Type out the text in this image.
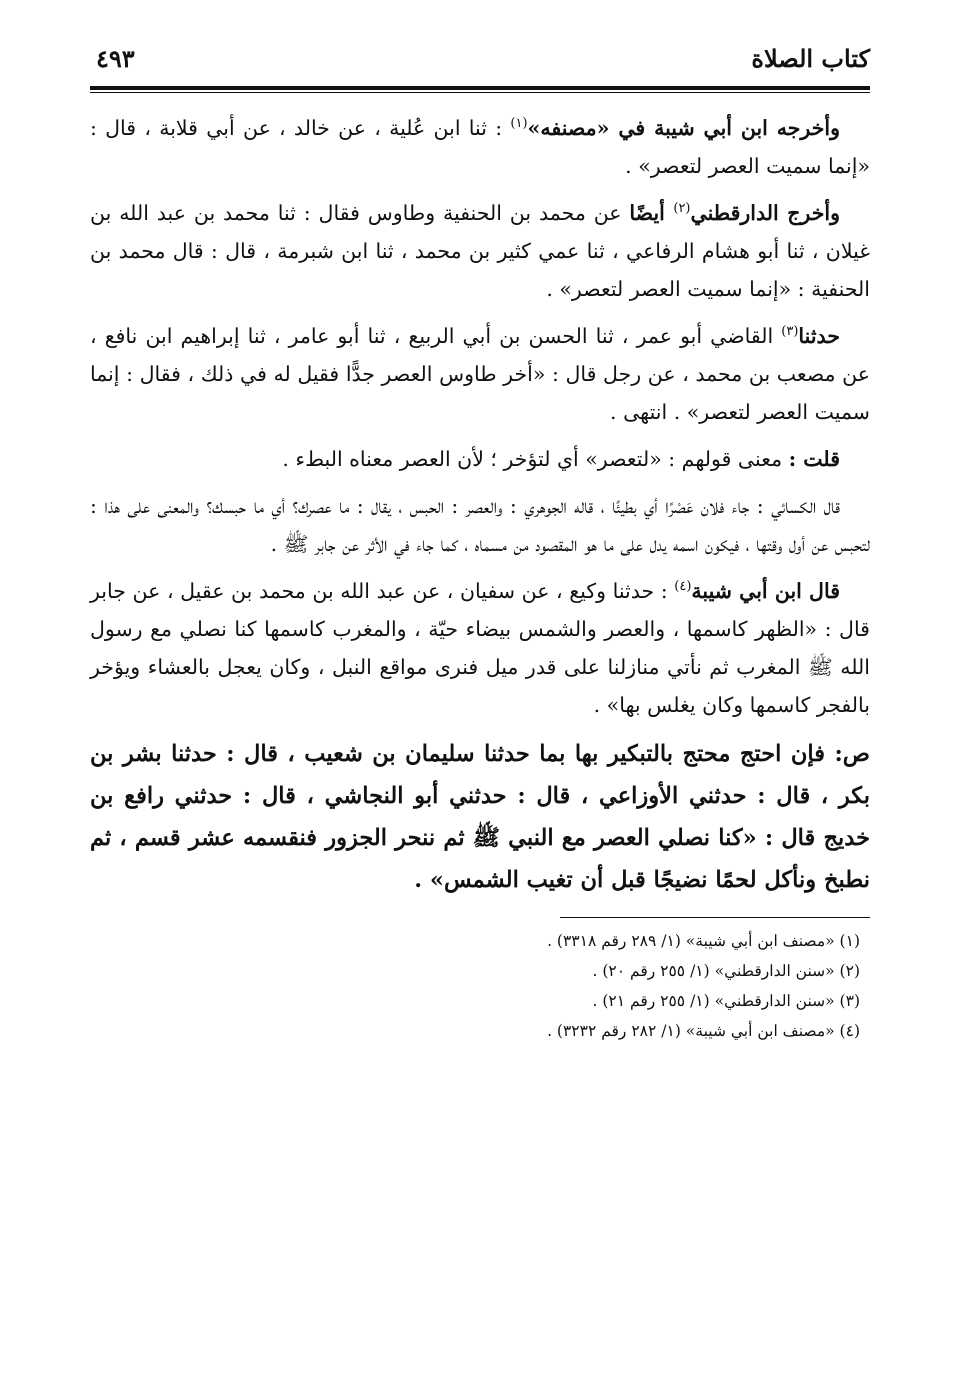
كتاب الصلاة
٤٩٣

وأخرجه ابن أبي شيبة في «مصنفه»$^{(١)}$ : ثنا ابن عُلية ، عن خالد ، عن أبي قلابة ، قال : «إنما سميت العصر لتعصر» .

وأخرج الدارقطني$^{(٢)}$ أيضًا عن محمد بن الحنفية وطاوس فقال : ثنا محمد بن عبد الله بن غيلان ، ثنا أبو هشام الرفاعي ، ثنا عمي كثير بن محمد ، ثنا ابن شبرمة ، قال : قال محمد بن الحنفية : «إنما سميت العصر لتعصر» .

حدثنا$^{(٣)}$ القاضي أبو عمر ، ثنا الحسن بن أبي الربيع ، ثنا أبو عامر ، ثنا إبراهيم ابن نافع ، عن مصعب بن محمد ، عن رجل قال : «أخر طاوس العصر جدًّا فقيل له في ذلك ، فقال : إنما سميت العصر لتعصر» . انتهى .

قلت : معنى قولهم : «لتعصر» أي لتؤخر ؛ لأن العصر معناه البطء .

قال الكسائي : جاء فلان عَصْرًا أي بطيئًا ، قاله الجوهري : والعصر : الحبس ، يقال : ما عصرك؟ أي ما حبسك؟ والمعنى على هذا : لتحبس عن أول وقتها ، فيكون اسمه يدل على ما هو المقصود من مسماه ، كما جاء في الأثر عن جابر ﷺ .

قال ابن أبي شيبة$^{(٤)}$ : حدثنا وكيع ، عن سفيان ، عن عبد الله بن محمد بن عقيل ، عن جابر قال : «الظهر كاسمها ، والعصر والشمس بيضاء حيّة ، والمغرب كاسمها كنا نصلي مع رسول الله ﷺ المغرب ثم نأتي منازلنا على قدر ميل فنرى مواقع النبل ، وكان يعجل بالعشاء ويؤخر بالفجر كاسمها وكان يغلس بها» .

ص: فإن احتج محتج بالتبكير بها بما حدثنا سليمان بن شعيب ، قال : حدثنا بشر بن بكر ، قال : حدثني الأوزاعي ، قال : حدثني أبو النجاشي ، قال : حدثني رافع بن خديج قال : «كنا نصلي العصر مع النبي ﷺ ثم ننحر الجزور فنقسمه عشر قسم ، ثم نطبخ ونأكل لحمًا نضيجًا قبل أن تغيب الشمس» .

(١) «مصنف ابن أبي شيبة» (١/ ٢٨٩ رقم ٣٣١٨) .
(٢) «سنن الدارقطني» (١/ ٢٥٥ رقم ٢٠) .
(٣) «سنن الدارقطني» (١/ ٢٥٥ رقم ٢١) .
(٤) «مصنف ابن أبي شيبة» (١/ ٢٨٢ رقم ٣٢٣٢) .
